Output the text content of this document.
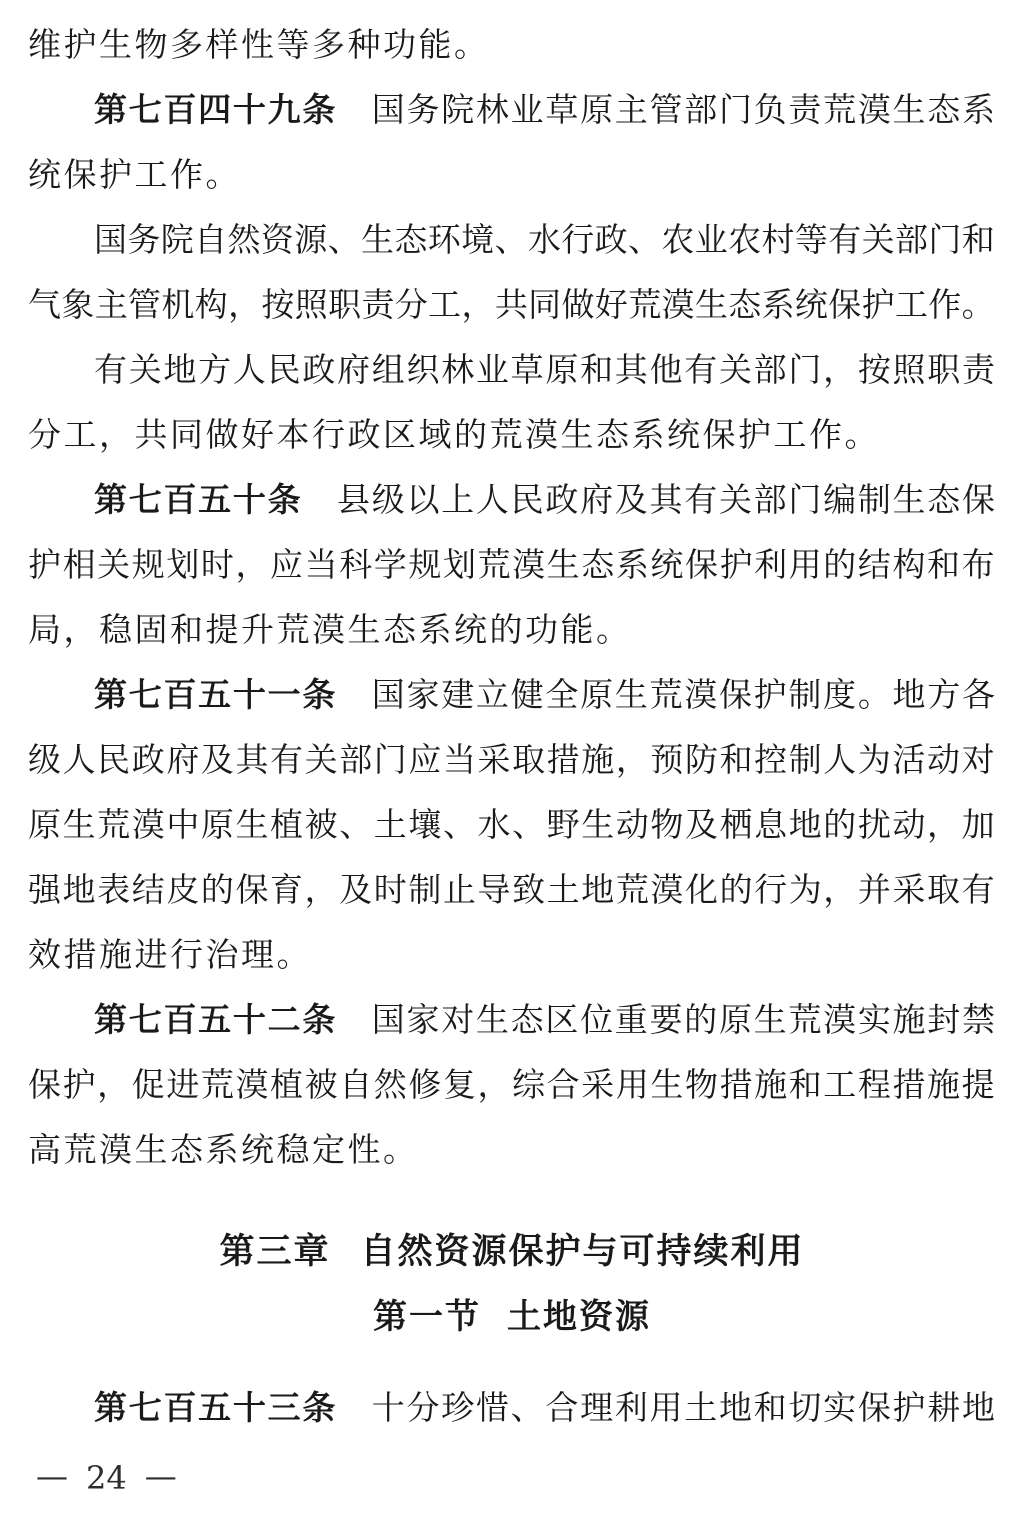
维护生物多样性等多种功能。
第 七 百 四 十 九 条
　 国 务 院 林 业 草 原 主 管 部 门 负 责 荒 漠 生 态 系
统保护工作。
国 务 院 自 然 资 源 、 生 态 环 境 、 水 行 政 、 农 业 农 村 等 有 关 部 门 和
气 象 主 管 机 构 ， 按 照 职 责 分 工 ， 共 同 做 好 荒 漠 生 态 系 统 保 护 工 作 。
有 关 地 方 人 民 政 府 组 织 林 业 草 原 和 其 他 有 关 部 门 ， 按 照 职 责
分工，共同做好本行政区域的荒漠生态系统保护工作。
第 七 百 五 十 条
　 县 级 以 上 人 民 政 府 及 其 有 关 部 门 编 制 生 态 保
护 相 关 规 划 时 ， 应 当 科 学 规 划 荒 漠 生 态 系 统 保 护 利 用 的 结 构 和 布
局，稳固和提升荒漠生态系统的功能。
第 七 百 五 十 一 条
　 国 家 建 立 健 全 原 生 荒 漠 保 护 制 度 。 地 方 各
级 人 民 政 府 及 其 有 关 部 门 应 当 采 取 措 施 ， 预 防 和 控 制 人 为 活 动 对
原 生 荒 漠 中 原 生 植 被 、 土 壤 、 水 、 野 生 动 物 及 栖 息 地 的 扰 动 ， 加
强 地 表 结 皮 的 保 育 ， 及 时 制 止 导 致 土 地 荒 漠 化 的 行 为 ， 并 采 取 有
效措施进行治理。
第 七 百 五 十 二 条
　 国 家 对 生 态 区 位 重 要 的 原 生 荒 漠 实 施 封 禁
保 护 ， 促 进 荒 漠 植 被 自 然 修 复 ， 综 合 采 用 生 物 措 施 和 工 程 措 施 提
高荒漠生态系统稳定性。
第三章 自然资源保护与可持续利用
第一节 土地资源
第 七 百 五 十 三 条
　 十 分 珍 惜 、 合 理 利 用 土 地 和 切 实 保 护 耕 地
— 24 —
